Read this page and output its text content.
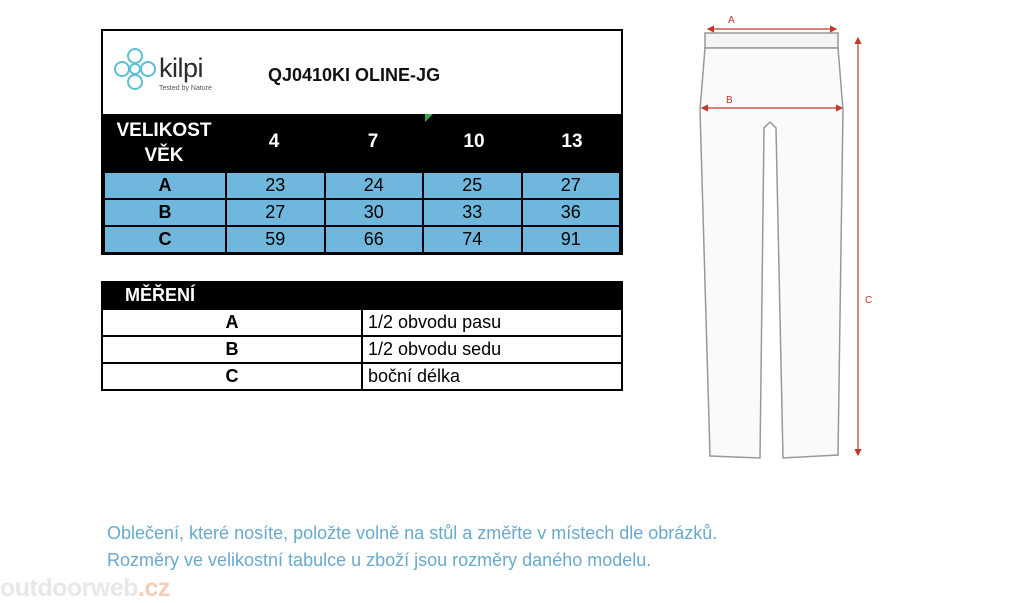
kilpi
Tested by Nature
QJ0410KI OLINE-JG
VELIKOST
VĚK
4	7	10	13
A	23	24	25	27
B	27	30	33	36
C	59	66	74	91
MĚŘENÍ	
A	1/2 obvodu pasu
B	1/2 obvodu sedu
C	boční délka
A
B
C
Oblečení, které nosíte, položte volně na stůl a změřte v místech dle obrázků.
Rozměry ve velikostní tabulce u zboží jsou rozměry daného modelu.
outdoorweb.cz
